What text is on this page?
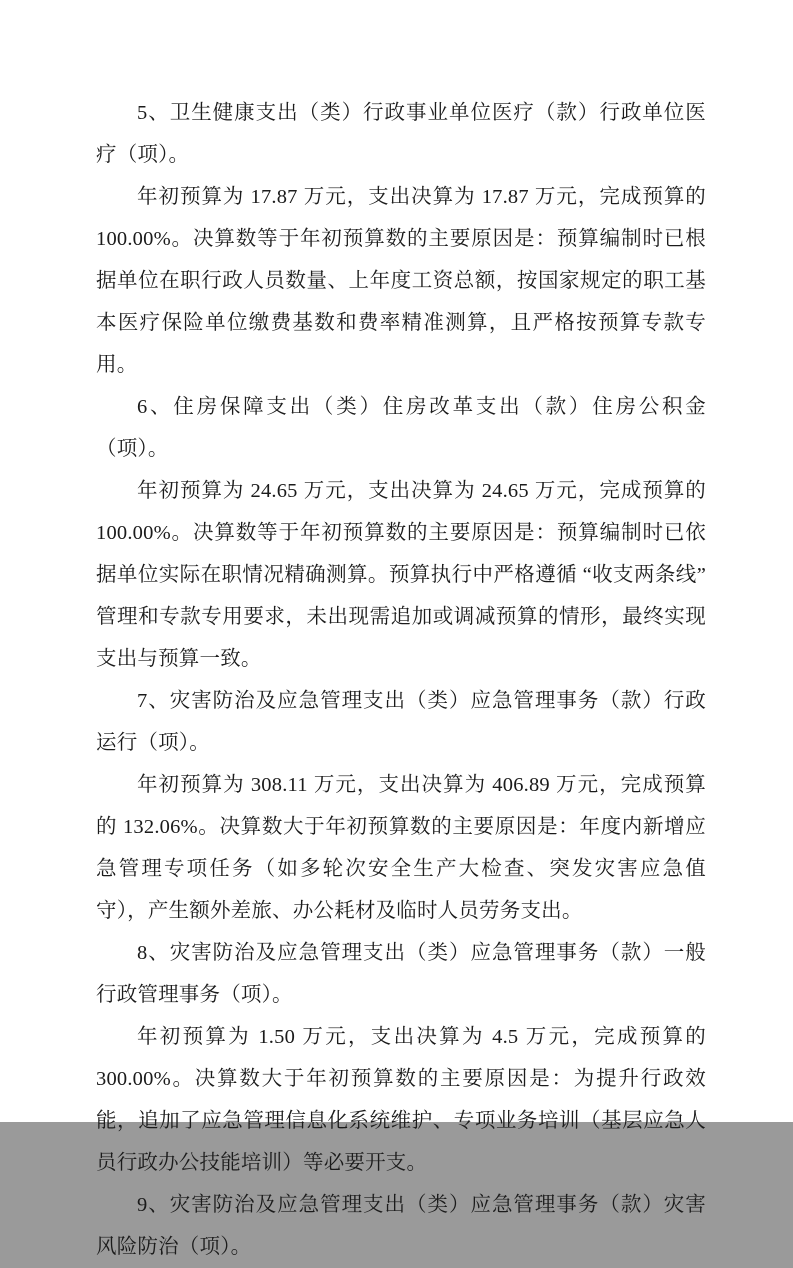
5、卫生健康支出（类）行政事业单位医疗（款）行政单位医疗（项）。

年初预算为 17.87 万元，支出决算为 17.87 万元，完成预算的 100.00%。决算数等于年初预算数的主要原因是：预算编制时已根据单位在职行政人员数量、上年度工资总额，按国家规定的职工基本医疗保险单位缴费基数和费率精准测算，且严格按预算专款专用。

6、住房保障支出（类）住房改革支出（款）住房公积金（项）。

年初预算为 24.65 万元，支出决算为 24.65 万元，完成预算的 100.00%。决算数等于年初预算数的主要原因是：预算编制时已依据单位实际在职情况精确测算。预算执行中严格遵循 “收支两条线” 管理和专款专用要求，未出现需追加或调减预算的情形，最终实现支出与预算一致。

7、灾害防治及应急管理支出（类）应急管理事务（款）行政运行（项）。

年初预算为 308.11 万元，支出决算为 406.89 万元，完成预算的 132.06%。决算数大于年初预算数的主要原因是：年度内新增应急管理专项任务（如多轮次安全生产大检查、突发灾害应急值守），产生额外差旅、办公耗材及临时人员劳务支出。

8、灾害防治及应急管理支出（类）应急管理事务（款）一般行政管理事务（项）。

年初预算为 1.50 万元，支出决算为 4.5 万元，完成预算的 300.00%。决算数大于年初预算数的主要原因是：为提升行政效能，追加了应急管理信息化系统维护、专项业务培训（基层应急人员行政办公技能培训）等必要开支。

9、灾害防治及应急管理支出（类）应急管理事务（款）灾害风险防治（项）。
